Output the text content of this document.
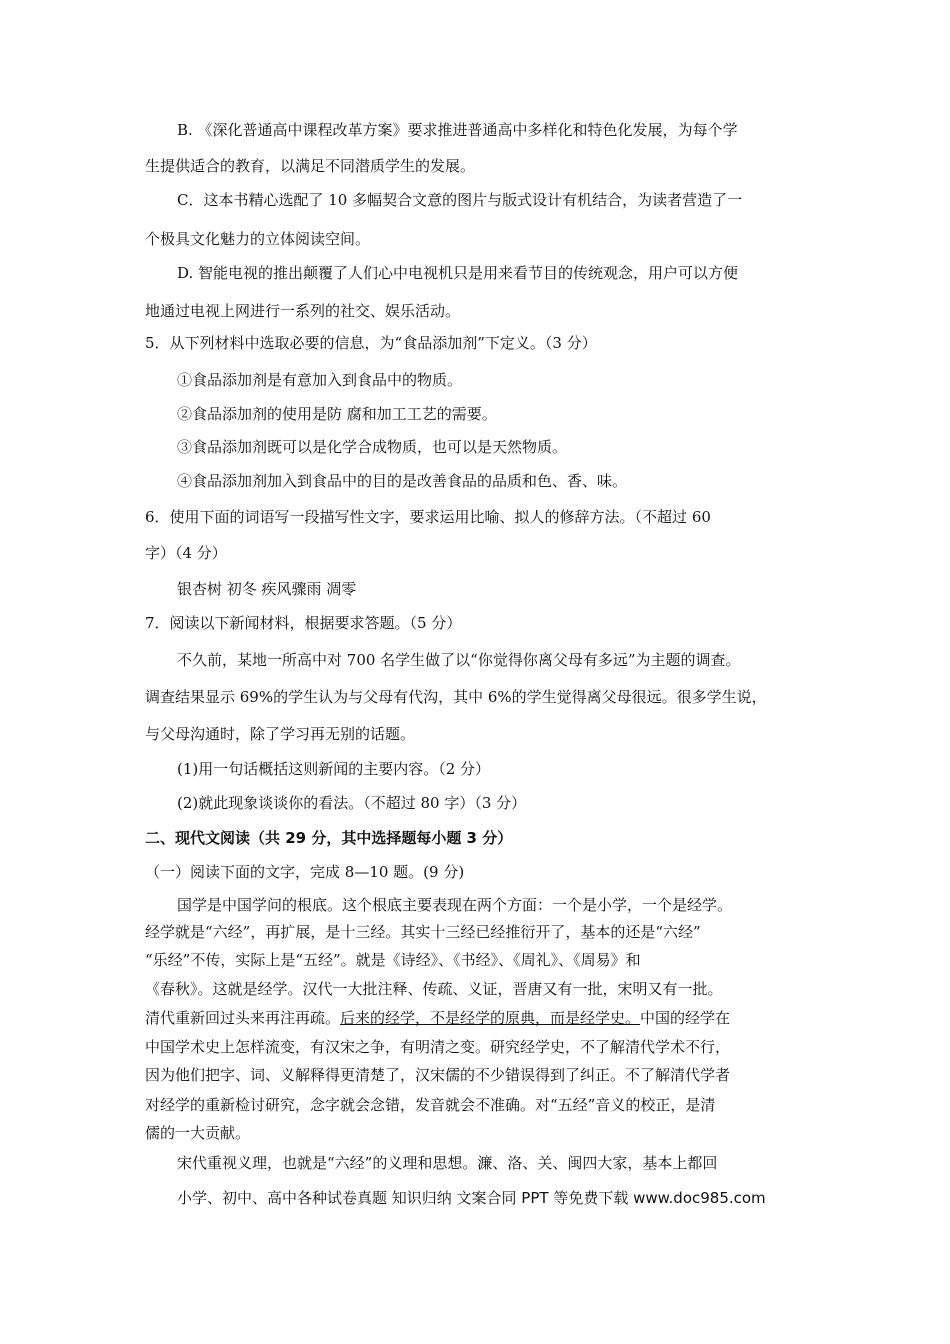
B. 《深化普通高中课程改革方案》要求推进普通高中多样化和特色化发展，为每个学
生提供适合的教育，以满足不同潜质学生的发展。
C．这本书精心选配了 10 多幅契合文意的图片与版式设计有机结合，为读者营造了一
个极具文化魅力的立体阅读空间。
D. 智能电视的推出颠覆了人们心中电视机只是用来看节目的传统观念，用户可以方便
地通过电视上网进行一系列的社交、娱乐活动。
5．从下列材料中选取必要的信息，为“食品添加剂”下定义。（3 分）
①食品添加剂是有意加入到食品中的物质。
②食品添加剂的使用是防 腐和加工工艺的需要。
③食品添加剂既可以是化学合成物质，也可以是天然物质。
④食品添加剂加入到食品中的目的是改善食品的品质和色、香、味。
6．使用下面的词语写一段描写性文字，要求运用比喻、拟人的修辞方法。（不超过 60
字）（4 分）
银杏树 初冬 疾风骤雨 凋零
7．阅读以下新闻材料，根据要求答题。（5 分）
不久前，某地一所高中对 700 名学生做了以“你觉得你离父母有多远”为主题的调查。
调查结果显示 69%的学生认为与父母有代沟，其中 6%的学生觉得离父母很远。很多学生说，
与父母沟通时，除了学习再无别的话题。
(1)用一句话概括这则新闻的主要内容。（2 分）
(2)就此现象谈谈你的看法。（不超过 80 字）（3 分）
二、现代文阅读（共 29 分，其中选择题每小题 3 分）
（一）阅读下面的文字，完成 8—10 题。(9 分)
国学是中国学问的根底。这个根底主要表现在两个方面：一个是小学，一个是经学。
经学就是“六经”，再扩展，是十三经。其实十三经已经推衍开了，基本的还是“六经”
“乐经”不传，实际上是“五经”。就是《诗经》、《书经》、《周礼》、《周易》和
《春秋》。这就是经学。汉代一大批注释、传疏、义证，晋唐又有一批，宋明又有一批。
清代重新回过头来再注再疏。后来的经学，不是经学的原典，而是经学史。中国的经学在
中国学术史上怎样流变，有汉宋之争，有明清之变。研究经学史，不了解清代学术不行，
因为他们把字、词、义解释得更清楚了，汉宋儒的不少错误得到了纠正。不了解清代学者
对经学的重新检讨研究，念字就会念错，发音就会不准确。对“五经”音义的校正，是清
儒的一大贡献。
宋代重视义理，也就是“六经”的义理和思想。濂、洛、关、闽四大家，基本上都回
小学、初中、高中各种试卷真题 知识归纳 文案合同 PPT 等免费下载 www.doc985.com
